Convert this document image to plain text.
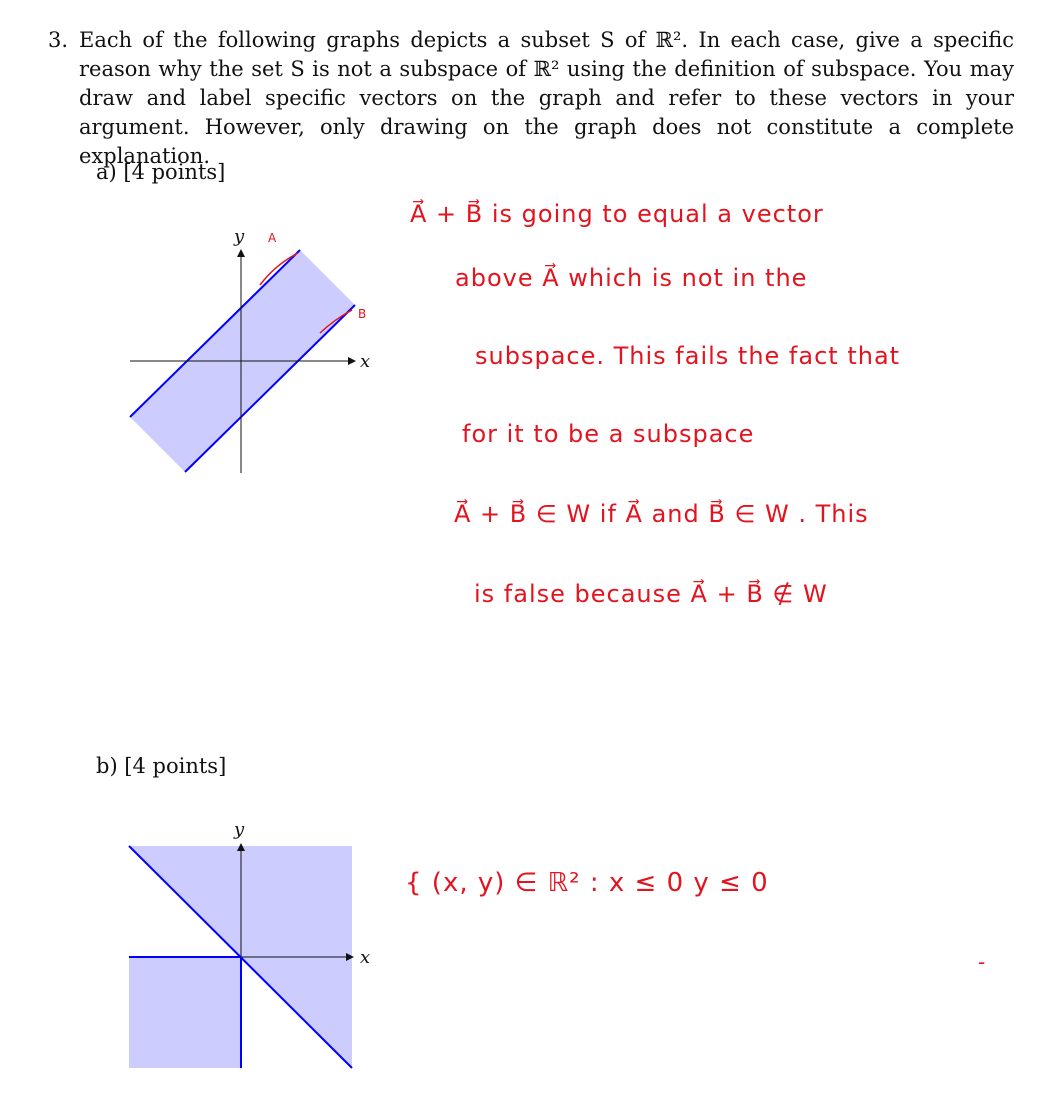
3. Each of the following graphs depicts a subset S of ℝ². In each case, give a specific reason why the set S is not a subspace of ℝ² using the definition of subspace. You may draw and label specific vectors on the graph and refer to these vectors in your argument. However, only drawing on the graph does not constitute a complete explanation.
a) [4 points]
x
y A
B
A⃗ + B⃗ is going to equal a vector
above A⃗ which is not in the
subspace. This fails the fact that
for it to be a subspace
A⃗ + B⃗ ∈ W if A⃗ and B⃗ ∈ W . This
is false because A⃗ + B⃗ ∉ W
b) [4 points]
x
y
{ (x, y) ∈ ℝ² : x ≤ 0 y ≤ 0
-
